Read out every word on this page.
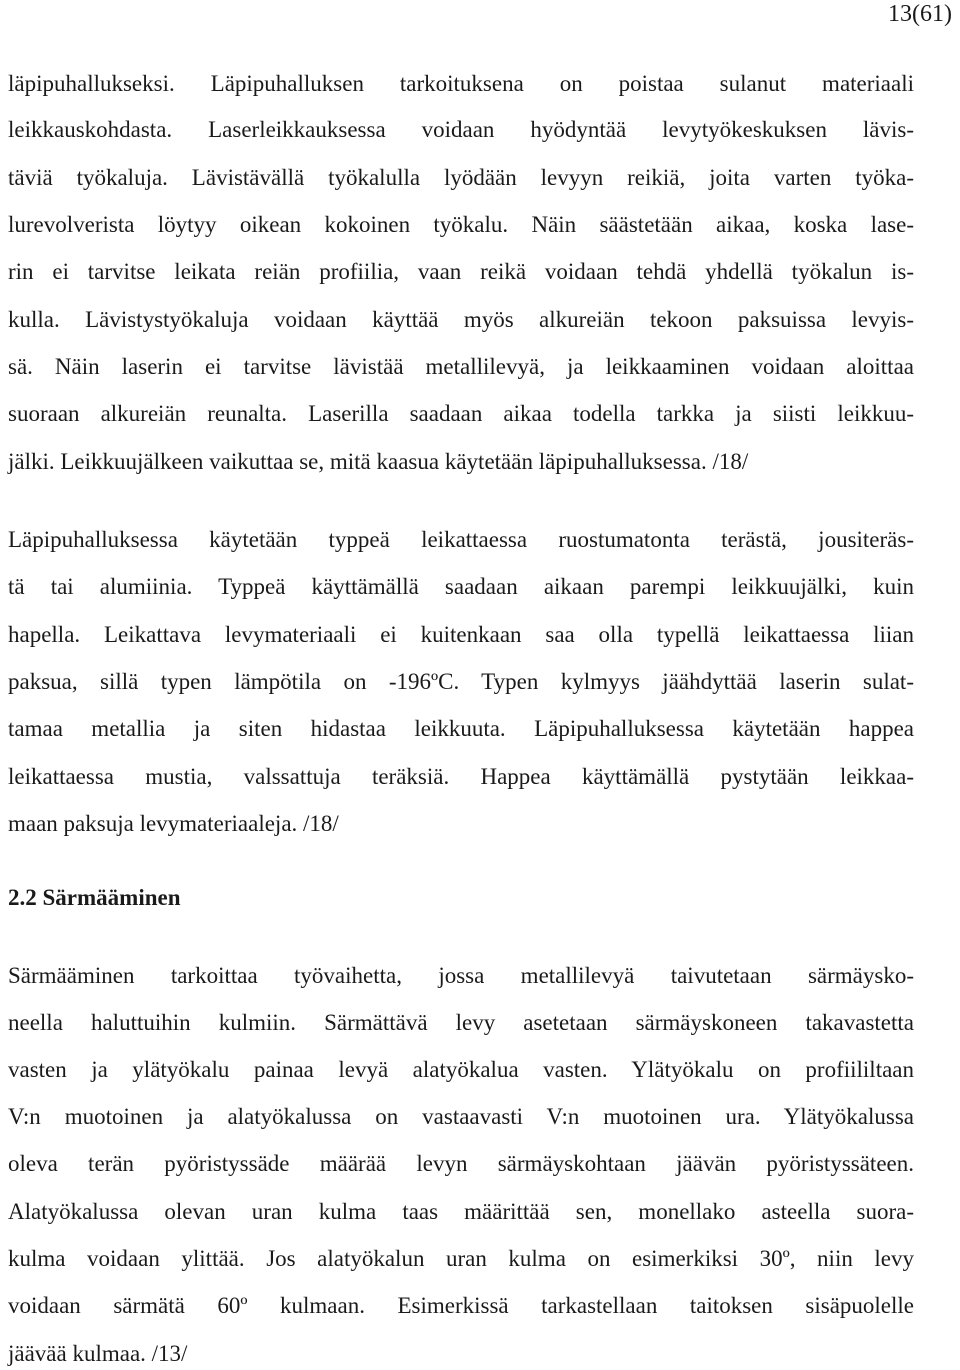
13(61)
läpipuhallukseksi. Läpipuhalluksen tarkoituksena on poistaa sulanut materiaali
leikkauskohdasta. Laserleikkauksessa voidaan hyödyntää levytyökeskuksen lävis-
täviä työkaluja. Lävistävällä työkalulla lyödään levyyn reikiä, joita varten työka-
lurevolverista löytyy oikean kokoinen työkalu. Näin säästetään aikaa, koska lase-
rin ei tarvitse leikata reiän profiilia, vaan reikä voidaan tehdä yhdellä työkalun is-
kulla. Lävistystyökaluja voidaan käyttää myös alkureiän tekoon paksuissa levyis-
sä. Näin laserin ei tarvitse lävistää metallilevyä, ja leikkaaminen voidaan aloittaa
suoraan alkureiän reunalta. Laserilla saadaan aikaa todella tarkka ja siisti leikkuu-
jälki. Leikkuujälkeen vaikuttaa se, mitä kaasua käytetään läpipuhalluksessa. /18/
Läpipuhalluksessa käytetään typpeä leikattaessa ruostumatonta terästä, jousiteräs-
tä tai alumiinia. Typpeä käyttämällä saadaan aikaan parempi leikkuujälki, kuin
hapella. Leikattava levymateriaali ei kuitenkaan saa olla typellä leikattaessa liian
paksua, sillä typen lämpötila on -196ºC. Typen kylmyys jäähdyttää laserin sulat-
tamaa metallia ja siten hidastaa leikkuuta. Läpipuhalluksessa käytetään happea
leikattaessa mustia, valssattuja teräksiä. Happea käyttämällä pystytään leikkaa-
maan paksuja levymateriaaleja. /18/
2.2 Särmääminen
Särmääminen tarkoittaa työvaihetta, jossa metallilevyä taivutetaan särmäysko-
neella haluttuihin kulmiin. Särmättävä levy asetetaan särmäyskoneen takavastetta
vasten ja ylätyökalu painaa levyä alatyökalua vasten. Ylätyökalu on profiililtaan
V:n muotoinen ja alatyökalussa on vastaavasti V:n muotoinen ura. Ylätyökalussa
oleva terän pyöristyssäde määrää levyn särmäyskohtaan jäävän pyöristyssäteen.
Alatyökalussa olevan uran kulma taas määrittää sen, monellako asteella suora-
kulma voidaan ylittää. Jos alatyökalun uran kulma on esimerkiksi 30º, niin levy
voidaan särmätä 60º kulmaan. Esimerkissä tarkastellaan taitoksen sisäpuolelle
jäävää kulmaa. /13/
